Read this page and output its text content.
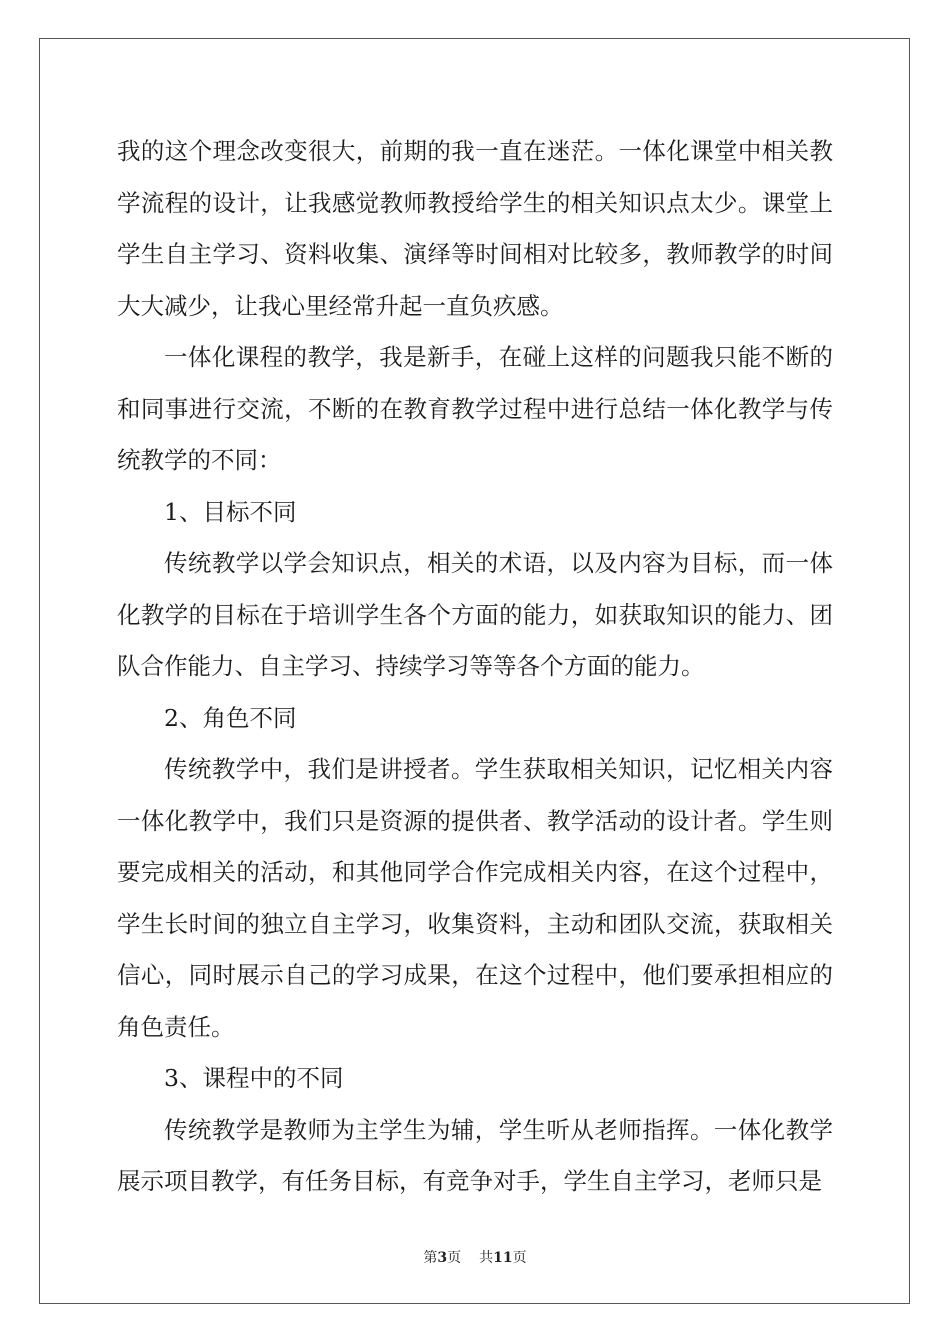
我的这个理念改变很大，前期的我一直在迷茫。一体化课堂中相关教学流程的设计，让我感觉教师教授给学生的相关知识点太少。课堂上学生自主学习、资料收集、演绎等时间相对比较多，教师教学的时间大大减少，让我心里经常升起一直负疚感。

一体化课程的教学，我是新手，在碰上这样的问题我只能不断的和同事进行交流，不断的在教育教学过程中进行总结一体化教学与传统教学的不同：

1、目标不同

传统教学以学会知识点，相关的术语，以及内容为目标，而一体化教学的目标在于培训学生各个方面的能力，如获取知识的能力、团队合作能力、自主学习、持续学习等等各个方面的能力。

2、角色不同

传统教学中，我们是讲授者。学生获取相关知识，记忆相关内容一体化教学中，我们只是资源的提供者、教学活动的设计者。学生则要完成相关的活动，和其他同学合作完成相关内容，在这个过程中，学生长时间的独立自主学习，收集资料，主动和团队交流，获取相关信心，同时展示自己的学习成果，在这个过程中，他们要承担相应的角色责任。

3、课程中的不同

传统教学是教师为主学生为辅，学生听从老师指挥。一体化教学展示项目教学，有任务目标，有竞争对手，学生自主学习，老师只是

第3页 共11页
